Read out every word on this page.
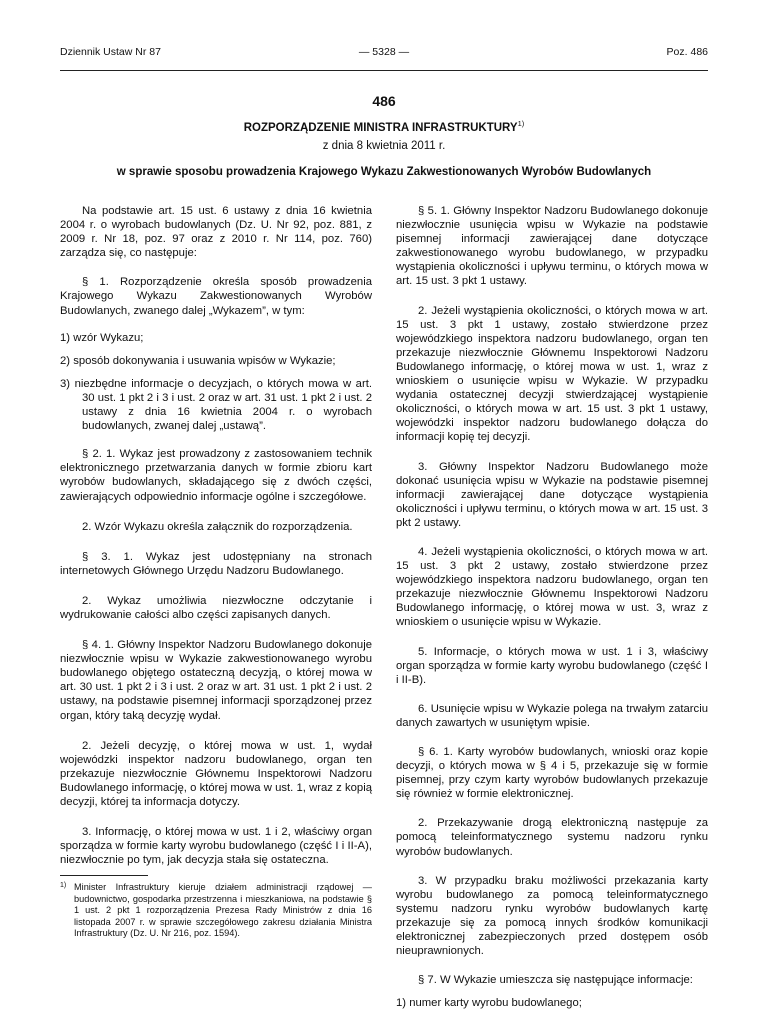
Dziennik Ustaw Nr 87	— 5328 —	Poz. 486
486
ROZPORZĄDZENIE MINISTRA INFRASTRUKTURY$^{1)}$
z dnia 8 kwietnia 2011 r.
w sprawie sposobu prowadzenia Krajowego Wykazu Zakwestionowanych Wyrobów Budowlanych

Na podstawie art. 15 ust. 6 ustawy z dnia 16 kwietnia 2004 r. o wyrobach budowlanych (Dz. U. Nr 92, poz. 881, z 2009 r. Nr 18, poz. 97 oraz z 2010 r. Nr 114, poz. 760) zarządza się, co następuje:

§ 1. Rozporządzenie określa sposób prowadzenia Krajowego Wykazu Zakwestionowanych Wyrobów Budowlanych, zwanego dalej „Wykazem”, w tym:

1) wzór Wykazu;

2) sposób dokonywania i usuwania wpisów w Wykazie;

3) niezbędne informacje o decyzjach, o których mowa w art. 30 ust. 1 pkt 2 i 3 i ust. 2 oraz w art. 31 ust. 1 pkt 2 i ust. 2 ustawy z dnia 16 kwietnia 2004 r. o wyrobach budowlanych, zwanej dalej „ustawą”.

§ 2. 1. Wykaz jest prowadzony z zastosowaniem technik elektronicznego przetwarzania danych w formie zbioru kart wyrobów budowlanych, składającego się z dwóch części, zawierających odpowiednio informacje ogólne i szczegółowe.

2. Wzór Wykazu określa załącznik do rozporządzenia.

§ 3. 1. Wykaz jest udostępniany na stronach internetowych Głównego Urzędu Nadzoru Budowlanego.

2. Wykaz umożliwia niezwłoczne odczytanie i wydrukowanie całości albo części zapisanych danych.

§ 4. 1. Główny Inspektor Nadzoru Budowlanego dokonuje niezwłocznie wpisu w Wykazie zakwestionowanego wyrobu budowlanego objętego ostateczną decyzją, o której mowa w art. 30 ust. 1 pkt 2 i 3 i ust. 2 oraz w art. 31 ust. 1 pkt 2 i ust. 2 ustawy, na podstawie pisemnej informacji sporządzonej przez organ, który taką decyzję wydał.

2. Jeżeli decyzję, o której mowa w ust. 1, wydał wojewódzki inspektor nadzoru budowlanego, organ ten przekazuje niezwłocznie Głównemu Inspektorowi Nadzoru Budowlanego informację, o której mowa w ust. 1, wraz z kopią decyzji, której ta informacja dotyczy.

3. Informację, o której mowa w ust. 1 i 2, właściwy organ sporządza w formie karty wyrobu budowlanego (część I i II-A), niezwłocznie po tym, jak decyzja stała się ostateczna.

1) Minister Infrastruktury kieruje działem administracji rządowej — budownictwo, gospodarka przestrzenna i mieszkaniowa, na podstawie § 1 ust. 2 pkt 1 rozporządzenia Prezesa Rady Ministrów z dnia 16 listopada 2007 r. w sprawie szczegółowego zakresu działania Ministra Infrastruktury (Dz. U. Nr 216, poz. 1594).

§ 5. 1. Główny Inspektor Nadzoru Budowlanego dokonuje niezwłocznie usunięcia wpisu w Wykazie na podstawie pisemnej informacji zawierającej dane dotyczące zakwestionowanego wyrobu budowlanego, w przypadku wystąpienia okoliczności i upływu terminu, o których mowa w art. 15 ust. 3 pkt 1 ustawy.

2. Jeżeli wystąpienia okoliczności, o których mowa w art. 15 ust. 3 pkt 1 ustawy, zostało stwierdzone przez wojewódzkiego inspektora nadzoru budowlanego, organ ten przekazuje niezwłocznie Głównemu Inspektorowi Nadzoru Budowlanego informację, o której mowa w ust. 1, wraz z wnioskiem o usunięcie wpisu w Wykazie. W przypadku wydania ostatecznej decyzji stwierdzającej wystąpienie okoliczności, o których mowa w art. 15 ust. 3 pkt 1 ustawy, wojewódzki inspektor nadzoru budowlanego dołącza do informacji kopię tej decyzji.

3. Główny Inspektor Nadzoru Budowlanego może dokonać usunięcia wpisu w Wykazie na podstawie pisemnej informacji zawierającej dane dotyczące wystąpienia okoliczności i upływu terminu, o których mowa w art. 15 ust. 3 pkt 2 ustawy.

4. Jeżeli wystąpienia okoliczności, o których mowa w art. 15 ust. 3 pkt 2 ustawy, zostało stwierdzone przez wojewódzkiego inspektora nadzoru budowlanego, organ ten przekazuje niezwłocznie Głównemu Inspektorowi Nadzoru Budowlanego informację, o której mowa w ust. 3, wraz z wnioskiem o usunięcie wpisu w Wykazie.

5. Informacje, o których mowa w ust. 1 i 3, właściwy organ sporządza w formie karty wyrobu budowlanego (część I i II-B).

6. Usunięcie wpisu w Wykazie polega na trwałym zatarciu danych zawartych w usuniętym wpisie.

§ 6. 1. Karty wyrobów budowlanych, wnioski oraz kopie decyzji, o których mowa w § 4 i 5, przekazuje się w formie pisemnej, przy czym karty wyrobów budowlanych przekazuje się również w formie elektronicznej.

2. Przekazywanie drogą elektroniczną następuje za pomocą teleinformatycznego systemu nadzoru rynku wyrobów budowlanych.

3. W przypadku braku możliwości przekazania karty wyrobu budowlanego za pomocą teleinformatycznego systemu nadzoru rynku wyrobów budowlanych kartę przekazuje się za pomocą innych środków komunikacji elektronicznej zabezpieczonych przed dostępem osób nieuprawnionych.

§ 7. W Wykazie umieszcza się następujące informacje:

1) numer karty wyrobu budowlanego;
